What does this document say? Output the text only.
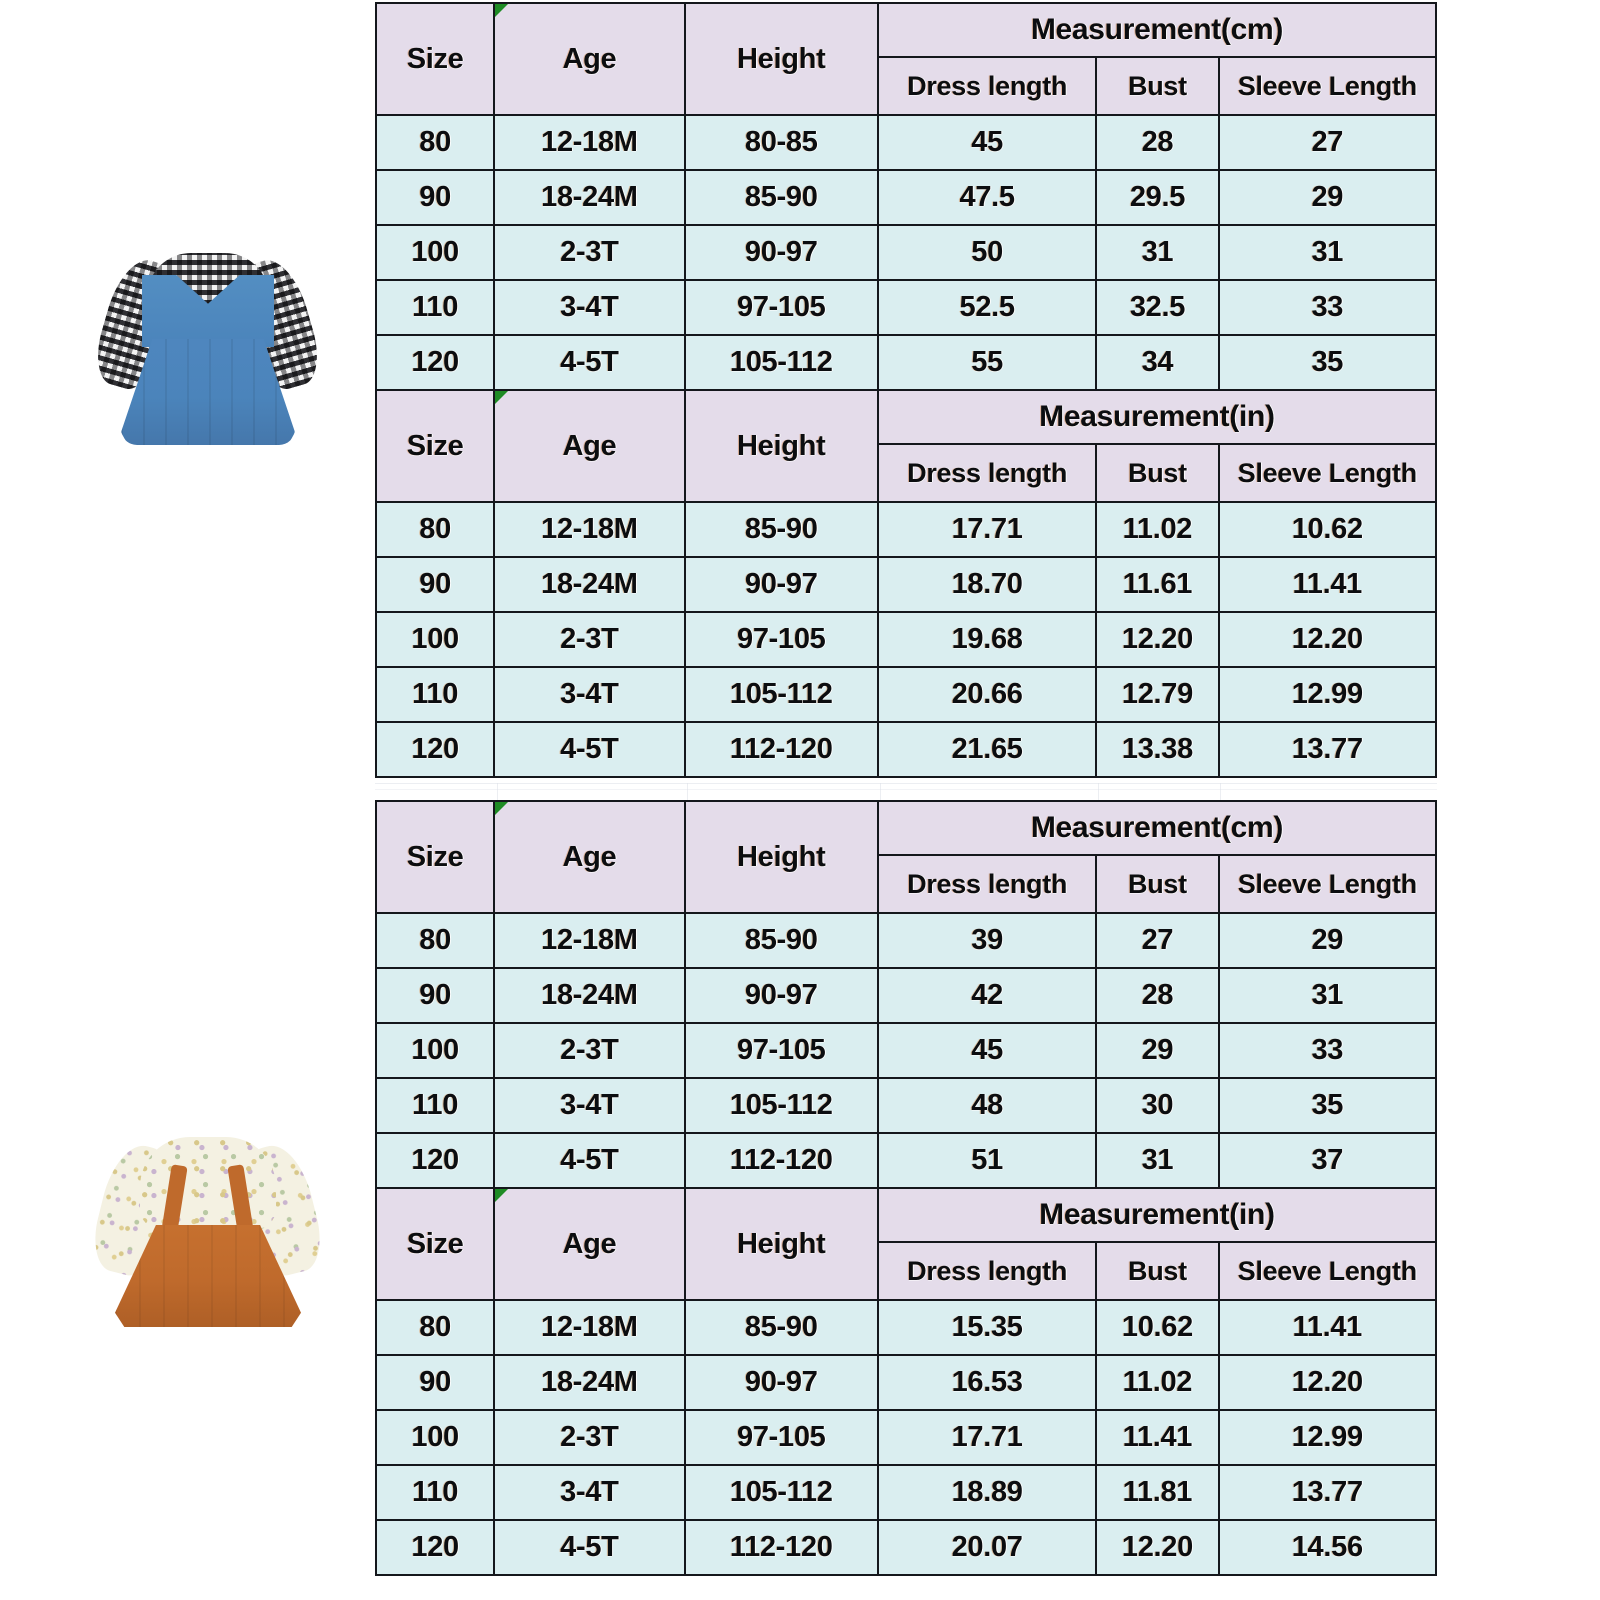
Size	Age	Height	Measurement(cm)		
			Dress length	Bust	Sleeve Length
80	12-18M	80-85	45	28	27
90	18-24M	85-90	47.5	29.5	29
100	2-3T	90-97	50	31	31
110	3-4T	97-105	52.5	32.5	33
120	4-5T	105-112	55	34	35
Size	Age	Height	Measurement(in)		
			Dress length	Bust	Sleeve Length
80	12-18M	85-90	17.71	11.02	10.62
90	18-24M	90-97	18.70	11.61	11.41
100	2-3T	97-105	19.68	12.20	12.20
110	3-4T	105-112	20.66	12.79	12.99
120	4-5T	112-120	21.65	13.38	13.77
Size	Age	Height	Measurement(cm)		
			Dress length	Bust	Sleeve Length
80	12-18M	85-90	39	27	29
90	18-24M	90-97	42	28	31
100	2-3T	97-105	45	29	33
110	3-4T	105-112	48	30	35
120	4-5T	112-120	51	31	37
Size	Age	Height	Measurement(in)		
			Dress length	Bust	Sleeve Length
80	12-18M	85-90	15.35	10.62	11.41
90	18-24M	90-97	16.53	11.02	12.20
100	2-3T	97-105	17.71	11.41	12.99
110	3-4T	105-112	18.89	11.81	13.77
120	4-5T	112-120	20.07	12.20	14.56
